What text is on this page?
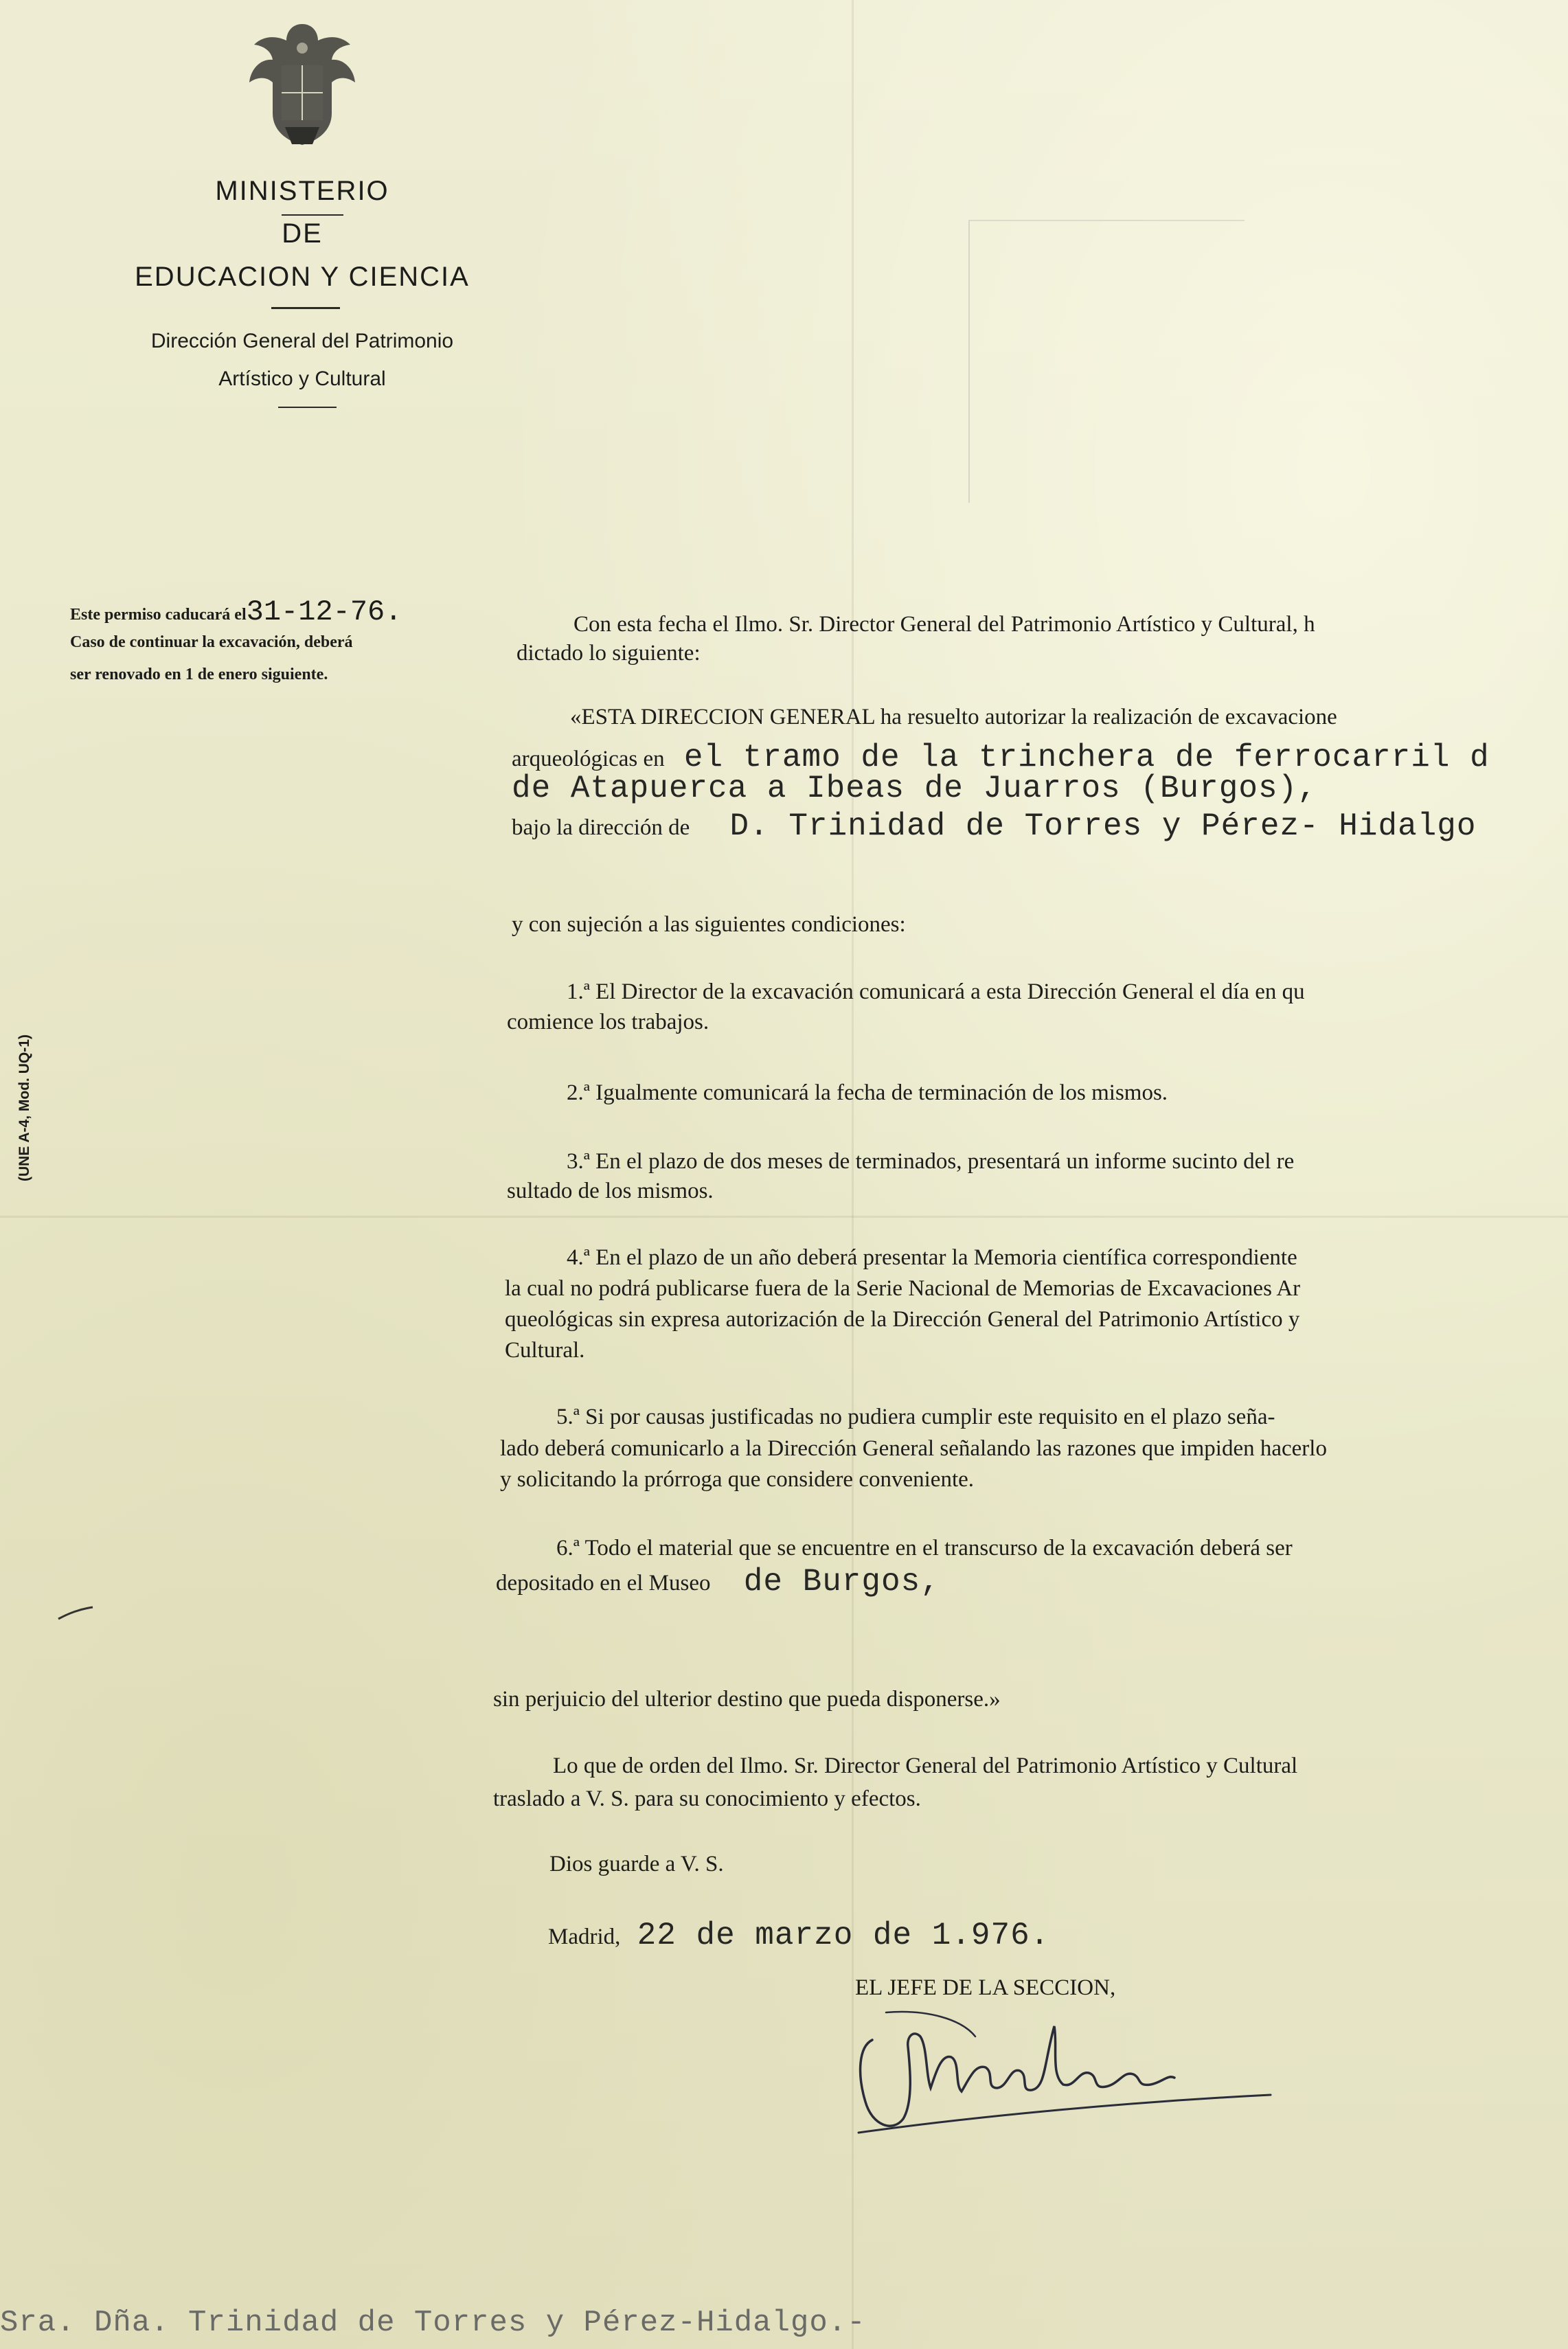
MINISTERIO
DE
EDUCACION Y CIENCIA
Dirección General del Patrimonio
Artístico y Cultural
Este permiso caducará el31-12-76.
Caso de continuar la excavación, deberá
ser renovado en 1 de enero siguiente.
(UNE A-4, Mod. UQ-1)
Con esta fecha el Ilmo. Sr. Director General del Patrimonio Artístico y Cultural, h
dictado lo siguiente:
«ESTA DIRECCION GENERAL ha resuelto autorizar la realización de excavacione
arqueológicas en el tramo de la trinchera de ferrocarril d
de Atapuerca a Ibeas de Juarros (Burgos),
bajo la dirección de D. Trinidad de Torres y Pérez- Hidalgo
y con sujeción a las siguientes condiciones:
1.ª El Director de la excavación comunicará a esta Dirección General el día en qu
comience los trabajos.
2.ª Igualmente comunicará la fecha de terminación de los mismos.
3.ª En el plazo de dos meses de terminados, presentará un informe sucinto del re
sultado de los mismos.
4.ª En el plazo de un año deberá presentar la Memoria científica correspondiente
la cual no podrá publicarse fuera de la Serie Nacional de Memorias de Excavaciones Ar
queológicas sin expresa autorización de la Dirección General del Patrimonio Artístico y
Cultural.
5.ª Si por causas justificadas no pudiera cumplir este requisito en el plazo seña-
lado deberá comunicarlo a la Dirección General señalando las razones que impiden hacerlo
y solicitando la prórroga que considere conveniente.
6.ª Todo el material que se encuentre en el transcurso de la excavación deberá ser
depositado en el Museo de Burgos,
sin perjuicio del ulterior destino que pueda disponerse.»
Lo que de orden del Ilmo. Sr. Director General del Patrimonio Artístico y Cultural
traslado a V. S. para su conocimiento y efectos.
Dios guarde a V. S.
Madrid, 22 de marzo de 1.976.
EL JEFE DE LA SECCION,
Sra. Dña. Trinidad de Torres y Pérez-Hidalgo.-
